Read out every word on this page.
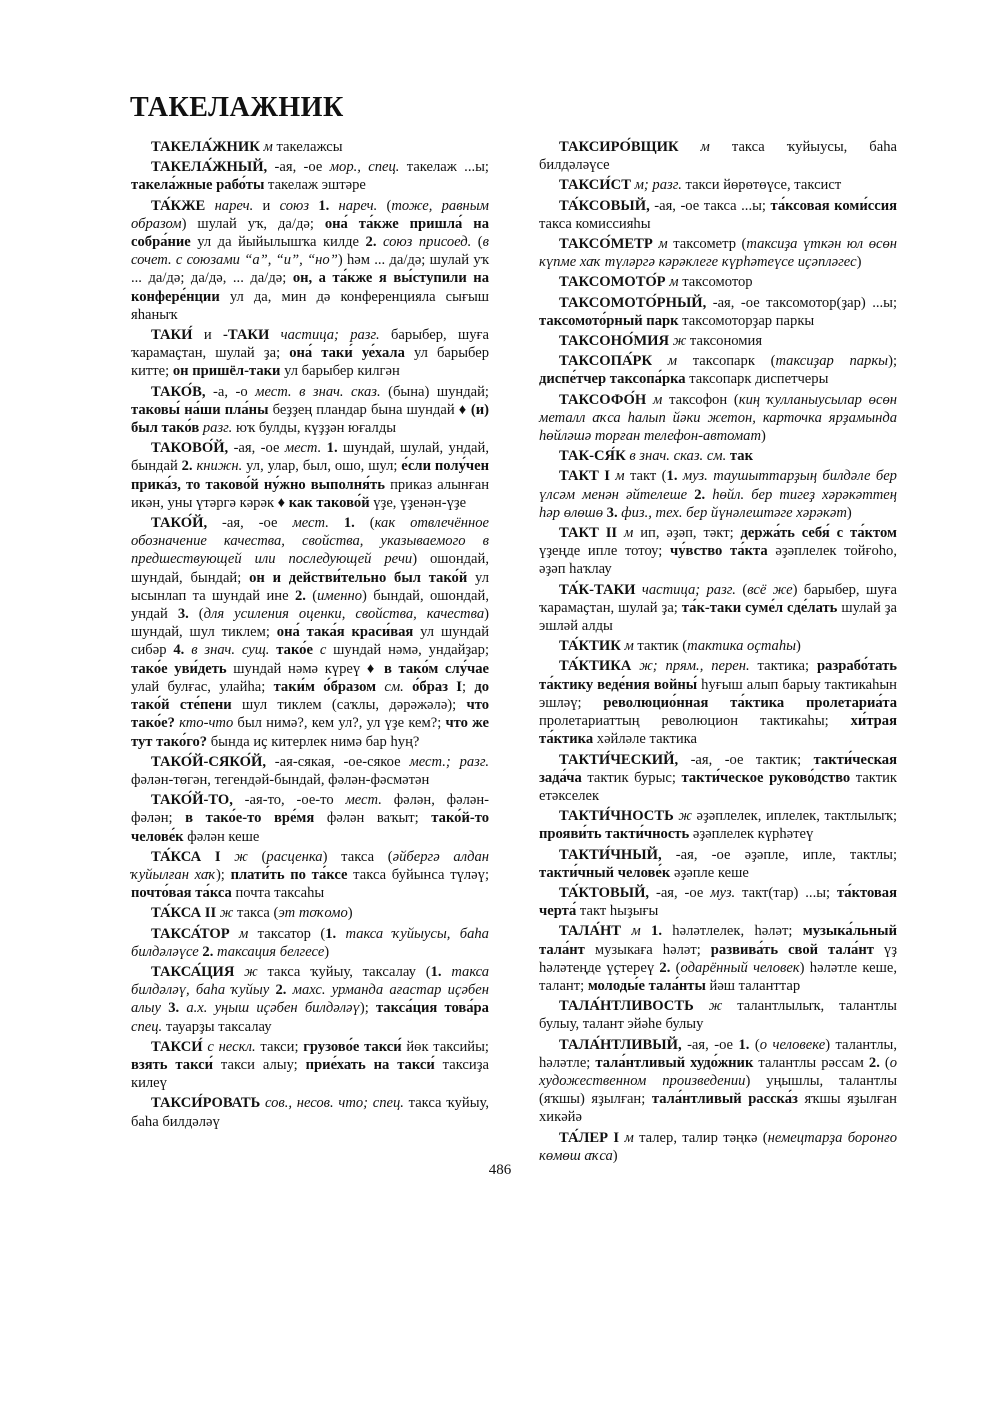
ТАКЕЛАЖНИК

ТАКЕЛА́ЖНИК м такелажсы

ТАКЕЛА́ЖНЫЙ, -ая, -ое мор., спец. такелаж ...ы; такела́жные рабо́ты такелаж эштәре

ТА́КЖЕ нареч. и союз 1. нареч. (тоже, равным образом) шулай уҡ, да/дә; она́ та́кже пришла́ на собра́ние ул да йыйылышҡа килде 2. союз присоед. (в сочет. с союзами “а”, “и”, “но”) һәм ... да/дә; шулай уҡ ... да/дә; да/дә, ... да/дә; он, а та́кже я вы́ступили на конфере́нции ул да, мин дә конференцияла сығыш яһаныҡ

ТАКИ́ и -ТАКИ частица; разг. барыбер, шуға ҡарамаҫтан, шулай ҙа; она́ таки́ уе́хала ул барыбер китте; он пришёл-таки ул барыбер килгән

ТАКО́В, -а, -о мест. в знач. сказ. (бына) шундай; таковы́ на́ши пла́ны беҙҙең пландар бына шундай ♦ (и) был тако́в разг. юҡ булды, күҙҙән юғалды

ТАКОВО́Й, -ая, -ое мест. 1. шундай, шулай, ундай, бындай 2. книжн. ул, улар, был, ошо, шул; е́сли полу́чен прика́з, то таково́й ну́жно выполня́ть приказ алынған икән, уны үтәргә кәрәк ♦ как таково́й үҙе, үҙенән-үҙе

ТАКО́Й, -ая, -ое мест. 1. (как отвлечённое обозначение качества, свойства, указываемого в предшествующей или последующей речи) ошондай, шундай, бындай; он и действи́тельно был тако́й ул ысынлап та шундай ине 2. (именно) бындай, ошондай, ундай 3. (для усиления оценки, свойства, качества) шундай, шул тиклем; она́ така́я краси́вая ул шундай сибәр 4. в знач. сущ. тако́е с шундай нәмә, ундайҙар; тако́е уви́деть шундай нәмә күреү ♦ в тако́м слу́чае улай булғас, улайһа; таки́м о́бразом см. о́браз I; до тако́й сте́пени шул тиклем (саҡлы, дәрәжәлә); что тако́е? кто-что был нимә?, кем ул?, ул үҙе кем?; что же тут тако́го? бында иҫ китерлек нимә бар һуң?

ТАКО́Й-СЯКО́Й, -ая-сякая, -ое-сякое мест.; разг. фәлән-төгән, тегендәй-бындай, фәлән-фәсмәтән

ТАКО́Й-ТО, -ая-то, -ое-то мест. фәлән, фәлән-фәлән; в тако́е-то вре́мя фәлән ваҡыт; тако́й-то челове́к фәлән кеше

ТА́КСА I ж (расценка) такса (әйбергә алдан ҡуйылған хаҡ); плати́ть по та́ксе такса буйынса түләү; почто́вая та́кса почта таксаһы

ТА́КСА II ж такса (эт тоҡомо)

ТАКСА́ТОР м таксатор (1. такса ҡуйыусы, баһа билдәләүсе 2. таксация белгесе)

ТАКСА́ЦИЯ ж такса ҡуйыу, таксалау (1. такса билдәләү, баһа ҡуйыу 2. махс. урманда ағастар иҫәбен алыу 3. а.х. уңыш иҫәбен билдәләү); такса́ция това́ра спец. тауарҙы таксалау

ТАКСИ́ с нескл. такси; грузово́е такси́ йөк таксийы; взять такси́ такси алыу; прие́хать на такси́ таксиҙа килеү

ТАКСИ́РОВАТЬ сов., несов. что; спец. такса ҡуйыу, баһа билдәләү

ТАКСИРО́ВЩИК м такса ҡуйыусы, баһа билдәләүсе

ТАКСИ́СТ м; разг. такси йөрөтөүсе, таксист

ТА́КСОВЫЙ, -ая, -ое такса ...ы; та́ксовая коми́ссия такса комиссияһы

ТАКСО́МЕТР м таксометр (таксиҙа үткән юл өсөн күпме хаҡ түләргә кәрәклеге күрһәтеүсе иҫәпләгес)

ТАКСОМОТО́Р м таксомотор

ТАКСОМОТО́РНЫЙ, -ая, -ое таксомотор(ҙар) ...ы; таксомото́рный парк таксомоторҙар паркы

ТАКСОНО́МИЯ ж таксономия

ТАКСОПА́РК м таксопарк (таксиҙар паркы); диспе́тчер таксопа́рка таксопарк диспетчеры

ТАКСОФО́Н м таксофон (киң ҡулланыусылар өсөн металл аҡса һалып йәки жетон, карточка ярҙамында һөйләшә торған телефон-автомат)

ТАК-СЯ́К в знач. сказ. см. так

ТАКТ I м такт (1. муз. таушыттарҙың билдәле бер үлсәм менән әйтелеше 2. һөйл. бер тигеҙ хәрәкәттең һәр өлөшө 3. физ., тех. бер йүнәлештәге хәрәкәт)

ТАКТ II м ип, әҙәп, тәкт; держа́ть себя́ с та́ктом үҙеңде ипле тотоу; чу́вство та́кта әҙәплелек тойғоһо, әҙәп һаҡлау

ТА́К-ТАКИ частица; разг. (всё же) барыбер, шуға ҡарамаҫтан, шулай ҙа; та́к-таки суме́л сде́лать шулай ҙа эшләй алды

ТА́КТИК м тактик (тактика оҫтаһы)

ТА́КТИКА ж; прям., перен. тактика; разрабо́тать та́ктику веде́ния войны́ һуғыш алып барыу тактикаһын эшләү; революцио́нная та́ктика пролетариа́та пролетариаттың революцион тактикаһы; хи́трая та́ктика хәйләле тактика

ТАКТИ́ЧЕСКИЙ, -ая, -ое тактик; такти́ческая зада́ча тактик бурыс; такти́ческое руково́дство тактик етәкселек

ТАКТИ́ЧНОСТЬ ж әҙәплелек, иплелек, тактлылыҡ; прояви́ть такти́чность әҙәплелек күрһәтеү

ТАКТИ́ЧНЫЙ, -ая, -ое әҙәпле, ипле, тактлы; такти́чный челове́к әҙәпле кеше

ТА́КТОВЫЙ, -ая, -ое муз. такт(тар) ...ы; та́ктовая черта́ такт һыҙығы

ТАЛА́НТ м 1. һәләтлелек, һәләт; музыка́льный тала́нт музыкаға һәләт; развива́ть свой тала́нт үҙ һәләтеңде үҫтереү 2. (одарённый человек) һәләтле кеше, талант; молоды́е тала́нты йәш таланттар

ТАЛА́НТЛИВОСТЬ ж талантлылыҡ, талантлы булыу, талант эйәһе булыу

ТАЛА́НТЛИВЫЙ, -ая, -ое 1. (о человеке) талантлы, һәләтле; тала́нтливый худо́жник талантлы рәссам 2. (о художественном произведении) уңышлы, талантлы (яҡшы) яҙылған; тала́нтливый расска́з яҡшы яҙылған хикәйә

ТА́ЛЕР I м талер, талир тәңкә (немецтарҙа боронғо көмөш аҡса)

486
